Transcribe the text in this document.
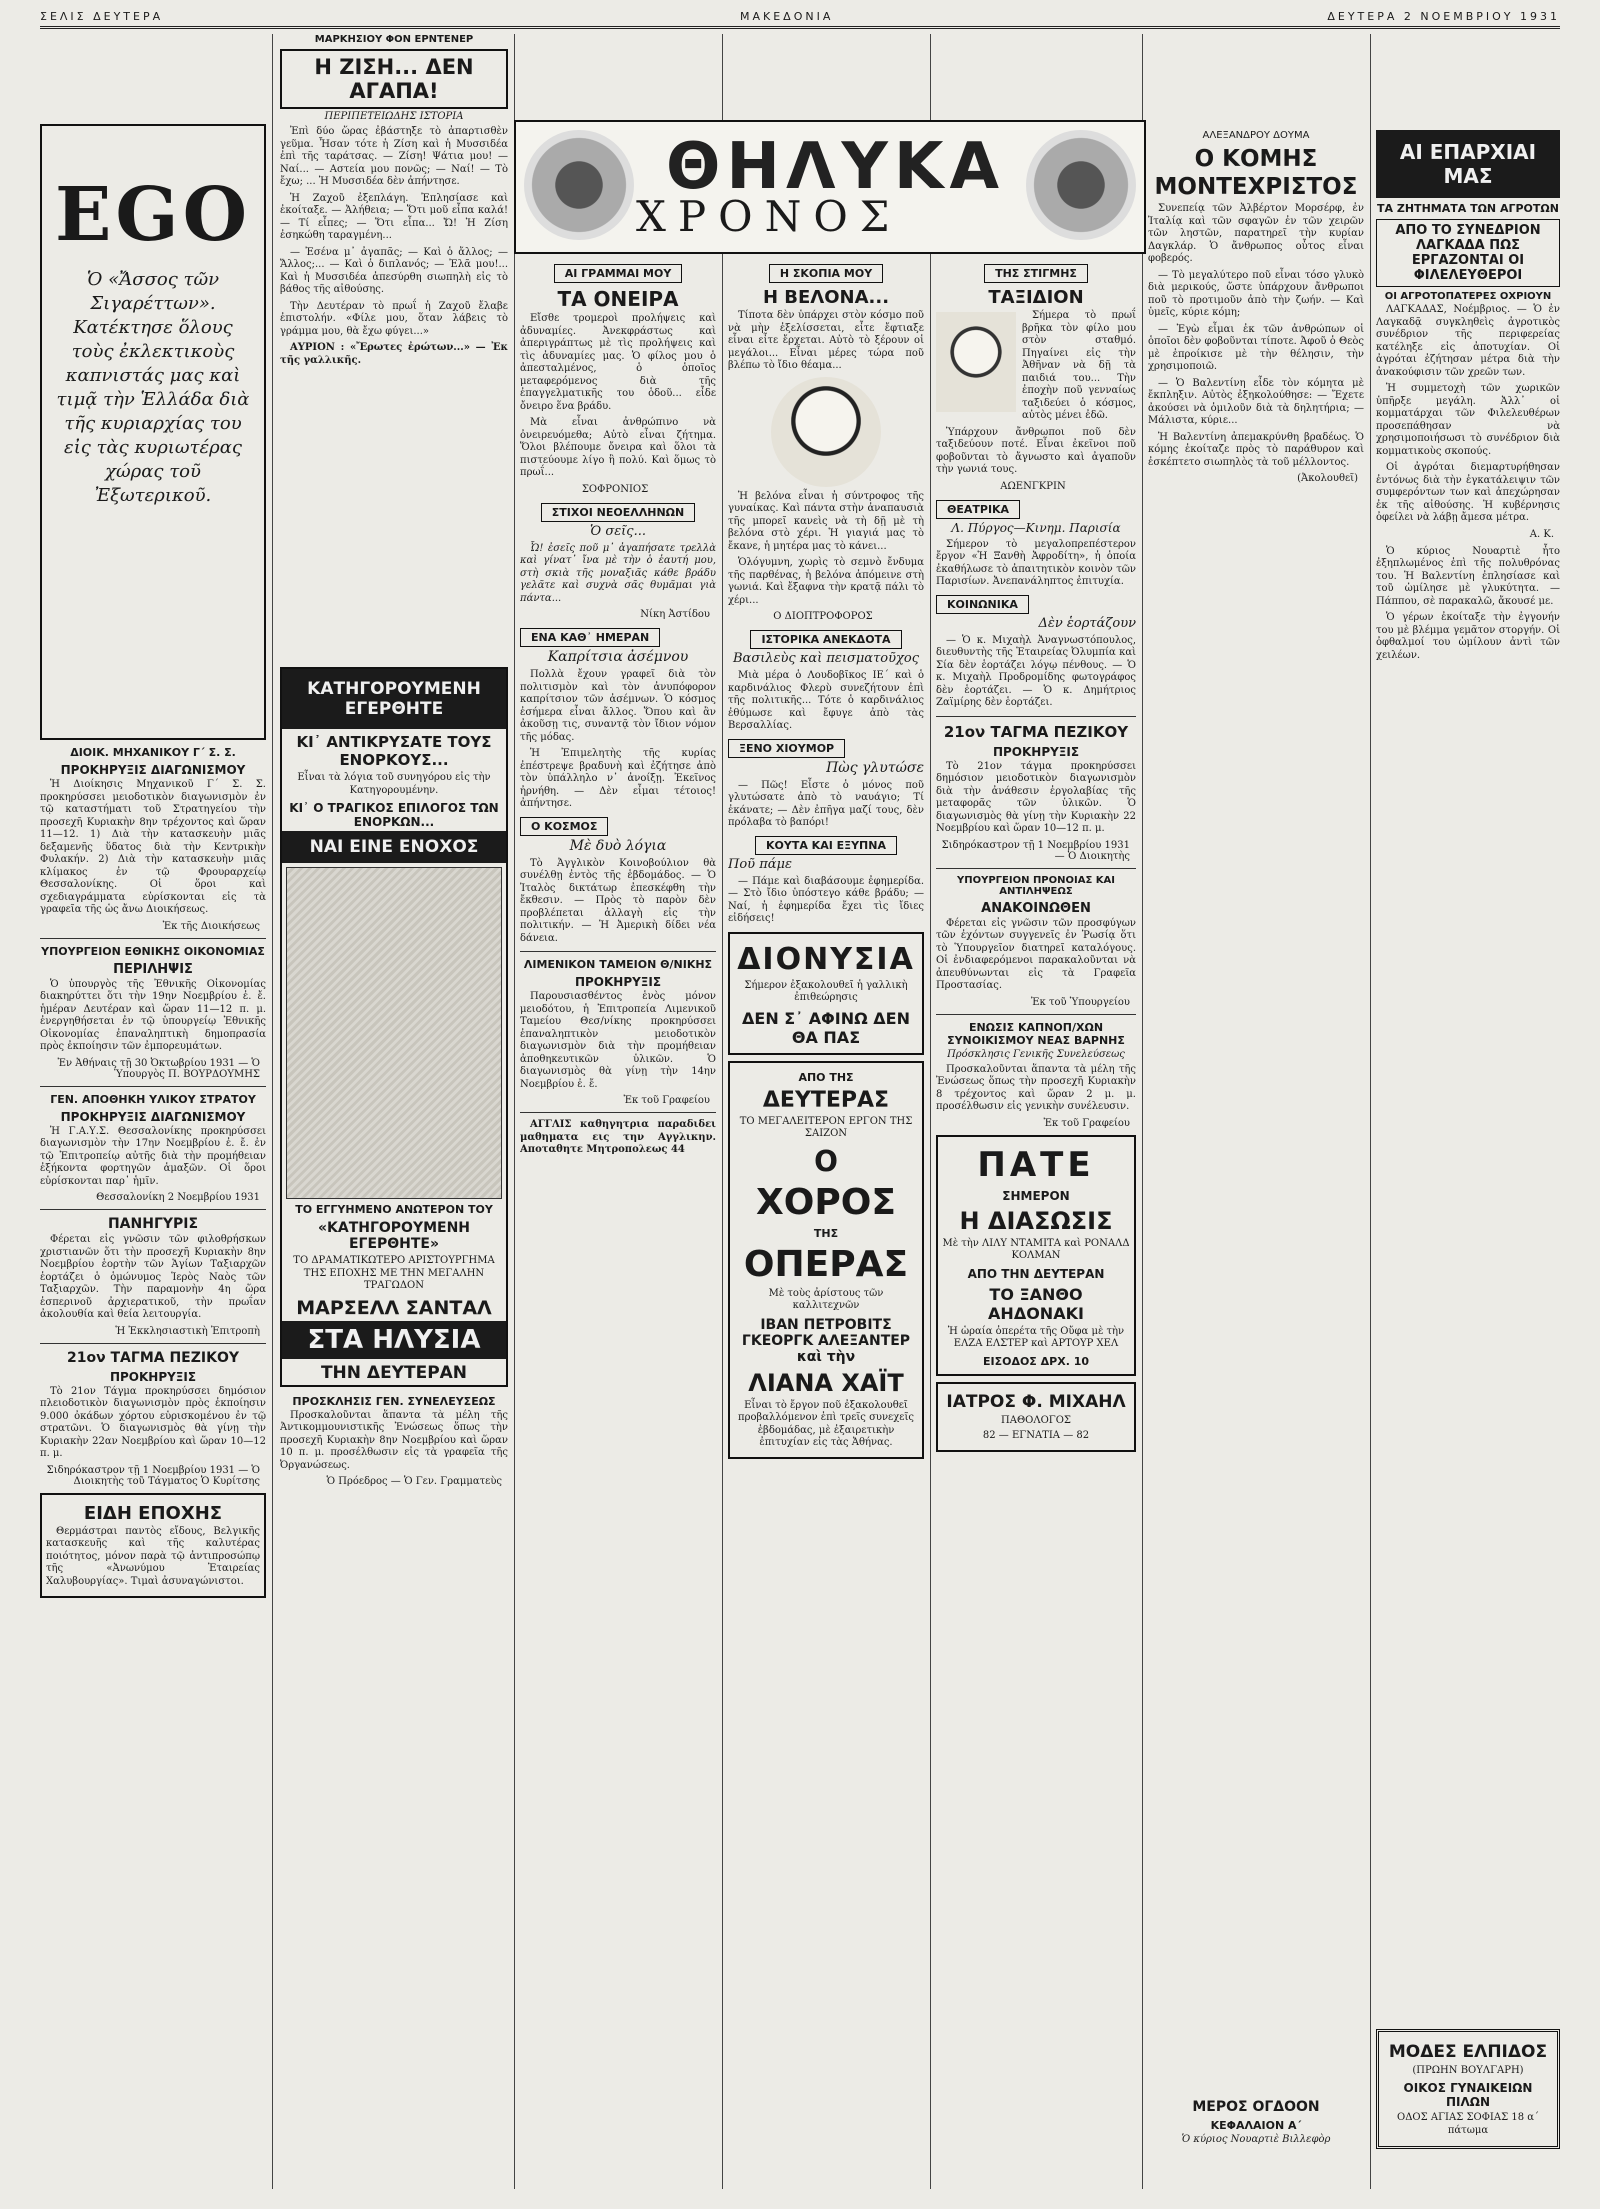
ΣΕΛΙΣ ΔΕΥΤΕΡΑ	ΜΑΚΕΔΟΝΙΑ	ΔΕΥΤΕΡΑ 2 ΝΟΕΜΒΡΙΟΥ 1931
EGO
Ὁ «Ἄσσος τῶν Σιγαρέττων». Κατέκτησε ὅλους τοὺς ἐκλεκτικοὺς καπνιστάς μας καὶ τιμᾷ τὴν Ἑλλάδα διὰ τῆς κυριαρχίας του εἰς τὰς κυριωτέρας χώρας τοῦ Ἐξωτερικοῦ.
ΔΙΟΙΚ. ΜΗΧΑΝΙΚΟΥ Γ΄ Σ. Σ.
ΠΡΟΚΗΡΥΞΙΣ ΔΙΑΓΩΝΙΣΜΟΥ
Ἡ Διοίκησις Μηχανικοῦ Γ΄ Σ. Σ. προκηρύσσει μειοδοτικὸν διαγωνισμὸν ἐν τῷ καταστήματι τοῦ Στρατηγείου τὴν προσεχῆ Κυριακὴν 8ην τρέχοντος καὶ ὥραν 11—12. 1) Διὰ τὴν κατασκευὴν μιᾶς δεξαμενῆς ὕδατος διὰ τὴν Κεντρικὴν Φυλακήν. 2) Διὰ τὴν κατασκευὴν μιᾶς κλίμακος ἐν τῷ Φρουραρχείῳ Θεσσαλονίκης. Οἱ ὅροι καὶ σχεδιαγράμματα εὑρίσκονται εἰς τὰ γραφεῖα τῆς ὡς ἄνω Διοικήσεως.
Ἐκ τῆς Διοικήσεως
ΥΠΟΥΡΓΕΙΟΝ ΕΘΝΙΚΗΣ ΟΙΚΟΝΟΜΙΑΣ
ΠΕΡΙΛΗΨΙΣ
Ὁ ὑπουργὸς τῆς Ἐθνικῆς Οἰκονομίας διακηρύττει ὅτι τὴν 19ην Νοεμβρίου ἐ. ἔ. ἡμέραν Δευτέραν καὶ ὥραν 11—12 π. μ. ἐνεργηθήσεται ἐν τῷ ὑπουργείῳ Ἐθνικῆς Οἰκονομίας ἐπαναληπτικὴ δημοπρασία πρὸς ἐκποίησιν τῶν ἐμπορευμάτων.
Ἐν Ἀθήναις τῇ 30 Ὀκτωβρίου 1931 — Ὁ Ὑπουργὸς Π. ΒΟΥΡΔΟΥΜΗΣ
ΓΕΝ. ΑΠΟΘΗΚΗ ΥΛΙΚΟΥ ΣΤΡΑΤΟΥ
ΠΡΟΚΗΡΥΞΙΣ ΔΙΑΓΩΝΙΣΜΟΥ
Ἡ Γ.Α.Υ.Σ. Θεσσαλονίκης προκηρύσσει διαγωνισμὸν τὴν 17ην Νοεμβρίου ἐ. ἔ. ἐν τῷ Ἐπιτροπείῳ αὐτῆς διὰ τὴν προμήθειαν ἐξήκοντα φορτηγῶν ἁμαξῶν. Οἱ ὅροι εὑρίσκονται παρ᾽ ἡμῖν.
Θεσσαλονίκη 2 Νοεμβρίου 1931
ΠΑΝΗΓΥΡΙΣ
Φέρεται εἰς γνῶσιν τῶν φιλοθρήσκων χριστιανῶν ὅτι τὴν προσεχῆ Κυριακὴν 8ην Νοεμβρίου ἑορτὴν τῶν Ἁγίων Ταξιαρχῶν ἑορτάζει ὁ ὁμώνυμος Ἱερὸς Ναὸς τῶν Ταξιαρχῶν. Τὴν παραμονὴν 4η ὥρα ἑσπερινοῦ ἀρχιερατικοῦ, τὴν πρωΐαν ἀκολουθία καὶ θεία λειτουργία.
Ἡ Ἐκκλησιαστικὴ Ἐπιτροπὴ
21ον ΤΑΓΜΑ ΠΕΖΙΚΟΥ
ΠΡΟΚΗΡΥΞΙΣ
Τὸ 21ον Τάγμα προκηρύσσει δημόσιον πλειοδοτικὸν διαγωνισμὸν πρὸς ἐκποίησιν 9.000 ὀκάδων χόρτου εὑρισκομένου ἐν τῷ στρατῶνι. Ὁ διαγωνισμὸς θὰ γίνῃ τὴν Κυριακὴν 22αν Νοεμβρίου καὶ ὥραν 10—12 π. μ.
Σιδηρόκαστρον τῇ 1 Νοεμβρίου 1931 — Ὁ Διοικητὴς τοῦ Τάγματος Ὁ Κυρίτσης
ΕΙΔΗ ΕΠΟΧΗΣ
Θερμάστραι παντὸς εἴδους, Βελγικῆς κατασκευῆς καὶ τῆς καλυτέρας ποιότητος, μόνον παρὰ τῷ ἀντιπροσώπῳ τῆς «Ἀνωνύμου Ἑταιρείας Χαλυβουργίας». Τιμαὶ ἀσυναγώνιστοι.
ΜΑΡΚΗΣΙΟΥ ΦΟΝ ΕΡΝΤΕΝΕΡ
Η ΖΙΣΗ... ΔΕΝ ΑΓΑΠΑ!
ΠΕΡΙΠΕΤΕΙΩΔΗΣ ΙΣΤΟΡΙΑ
Ἐπὶ δύο ὥρας ἐβάστηξε τὸ ἀπαρτισθὲν γεῦμα. Ἦσαν τότε ἡ Ζίση καὶ ἡ Μυσσιδέα ἐπὶ τῆς ταράτσας. — Ζίση! Ψάτια μου! — Ναί... — Αστεία μου πονῶς; — Ναί! — Τὸ ἔχω; ... Ἡ Μυσσιδέα δὲν ἀπήντησε.
Ἡ Ζαχοῦ ἐξεπλάγη. Ἐπλησίασε καὶ ἐκοίταξε. — Ἀλήθεια; — Ὅτι μοῦ εἶπα καλά! — Τί εἶπες; — Ὅτι εἶπα... Ὤ! Ἡ Ζίση ἐσηκώθη ταραγμένη...
— Ἐσένα μ᾽ ἀγαπᾶς; — Καὶ ὁ ἄλλος; — Ἄλλος;... — Καὶ ὁ διπλανός; — Ἐλᾶ μου!... Καὶ ἡ Μυσσιδέα ἀπεσύρθη σιωπηλὴ εἰς τὸ βάθος τῆς αἰθούσης.
Τὴν Δευτέραν τὸ πρωΐ ἡ Ζαχοῦ ἔλαβε ἐπιστολήν. «Φίλε μου, ὅταν λάβεις τὸ γράμμα μου, θὰ ἔχω φύγει...»
ΑΥΡΙΟΝ : «Ἔρωτες ἐρώτων...» — Ἐκ τῆς γαλλικῆς.
ΚΑΤΗΓΟΡΟΥΜΕΝΗ ΕΓΕΡΘΗΤΕ
ΚΙ᾽ ΑΝΤΙΚΡΥΣΑΤΕ ΤΟΥΣ ΕΝΟΡΚΟΥΣ...
Εἶναι τὰ λόγια τοῦ συνηγόρου εἰς τὴν Κατηγορουμένην.
ΚΙ᾽ Ο ΤΡΑΓΙΚΟΣ ΕΠΙΛΟΓΟΣ ΤΩΝ ΕΝΟΡΚΩΝ...
ΝΑΙ ΕΙΝΕ ΕΝΟΧΟΣ
ΤΟ ΕΓΓΥΗΜΕΝΟ ΑΝΩΤΕΡΟΝ ΤΟΥ
«ΚΑΤΗΓΟΡΟΥΜΕΝΗ ΕΓΕΡΘΗΤΕ»
ΤΟ ΔΡΑΜΑΤΙΚΩΤΕΡΟ ΑΡΙΣΤΟΥΡΓΗΜΑ ΤΗΣ ΕΠΟΧΗΣ ΜΕ ΤΗΝ ΜΕΓΑΛΗΝ ΤΡΑΓΩΔΟΝ
ΜΑΡΣΕΛΛ ΣΑΝΤΑΛ
ΣΤΑ ΗΛΥΣΙΑ
ΤΗΝ ΔΕΥΤΕΡΑΝ
ΠΡΟΣΚΛΗΣΙΣ ΓΕΝ. ΣΥΝΕΛΕΥΣΕΩΣ
Προσκαλοῦνται ἅπαντα τὰ μέλη τῆς Ἀντικομμουνιστικῆς Ἐνώσεως ὅπως τὴν προσεχῆ Κυριακὴν 8ην Νοεμβρίου καὶ ὥραν 10 π. μ. προσέλθωσιν εἰς τὰ γραφεῖα τῆς Ὀργανώσεως.
Ὁ Πρόεδρος — Ὁ Γεν. Γραμματεὺς
ΘΗΛΥΚΑ
ΧΡΟΝΟΣ
ΑΙ ΓΡΑΜΜΑΙ ΜΟΥ
ΤΑ ΟΝΕΙΡΑ
Εἴσθε τρομεροὶ προλήψεις καὶ ἀδυναμίες. Ἀνεκφράστως καὶ ἀπεριγράπτως μὲ τὶς προλήψεις καὶ τὶς ἀδυναμίες μας. Ὁ φίλος μου ὁ ἀπεσταλμένος, ὁ ὁποῖος μεταφερόμενος διὰ τῆς ἐπαγγελματικῆς του ὁδοῦ... εἶδε ὄνειρο ἕνα βράδυ.
Μὰ εἶναι ἀνθρώπινο νὰ ὀνειρευόμεθα; Αὐτὸ εἶναι ζήτημα. Ὅλοι βλέπουμε ὄνειρα καὶ ὅλοι τὰ πιστεύουμε λίγο ἢ πολύ. Καὶ ὅμως τὸ πρωΐ...
ΣΟΦΡΟΝΙΟΣ
ΣΤΙΧΟΙ ΝΕΟΕΛΛΗΝΩΝ
Ὁ σεῖς...
Ὦ! ἐσεῖς ποῦ μ᾽ ἀγαπήσατε τρελλὰ καὶ γίνατ᾽ ἴνα μὲ τὴν ὁ ἑαυτή μου, στὴ σκιὰ τῆς μοναξιᾶς κάθε βράδυ γελᾶτε καὶ συχνὰ σᾶς θυμᾶμαι γιὰ πάντα...
Νίκη Ἀστίδου
ΕΝΑ ΚΑΘ᾽ ΗΜΕΡΑΝ
Καπρίτσια ἀσέμνου
Πολλὰ ἔχουν γραφεῖ διὰ τὸν πολιτισμὸν καὶ τὸν ἀνυπόφορον καπρίτσιον τῶν ἀσέμνων. Ὁ κόσμος ἐσήμερα εἶναι ἄλλος. Ὅπου καὶ ἂν ἀκοῦσῃ τις, συναντᾷ τὸν ἴδιον νόμον τῆς μόδας.
Ἡ Ἐπιμελητὴς τῆς κυρίας ἐπέστρεψε βραδυνὴ καὶ ἐζήτησε ἀπὸ τὸν ὑπάλληλο ν᾽ ἀνοίξῃ. Ἐκεῖνος ἠρνήθη. — Δὲν εἶμαι τέτοιος! ἀπήντησε.
Ο ΚΟΣΜΟΣ
Μὲ δυὸ λόγια
Τὸ Ἀγγλικὸν Κοινοβούλιον θὰ συνέλθῃ ἐντὸς τῆς ἑβδομάδος. — Ὁ Ἰταλὸς δικτάτωρ ἐπεσκέφθη τὴν ἔκθεσιν. — Πρὸς τὸ παρὸν δὲν προβλέπεται ἀλλαγὴ εἰς τὴν πολιτικήν. — Ἡ Ἀμερικὴ δίδει νέα δάνεια.
ΛΙΜΕΝΙΚΟΝ ΤΑΜΕΙΟΝ Θ/ΝΙΚΗΣ
ΠΡΟΚΗΡΥΞΙΣ
Παρουσιασθέντος ἑνὸς μόνον μειοδότου, ἡ Ἐπιτροπεία Λιμενικοῦ Ταμείου Θεσ/νίκης προκηρύσσει ἐπαναληπτικὸν μειοδοτικὸν διαγωνισμὸν διὰ τὴν προμήθειαν ἀποθηκευτικῶν ὑλικῶν. Ὁ διαγωνισμὸς θὰ γίνῃ τὴν 14ην Νοεμβρίου ἐ. ἔ.
Ἐκ τοῦ Γραφείου
ΑΓΓΛΙΣ καθηγητρια παραδιδει μαθηματα εις την Αγγλικην. Αποταθητε Μητροπολεως 44
Η ΣΚΟΠΙΑ ΜΟΥ
Η ΒΕΛΟΝΑ...
Τίποτα δὲν ὑπάρχει στὸν κόσμο ποῦ νὰ μὴν ἐξελίσσεται, εἶτε ἔφτιαξε εἶναι εἶτε ἔρχεται. Αὐτὸ τὸ ξέρουν οἱ μεγάλοι... Εἶναι μέρες τώρα ποῦ βλέπω τὸ ἴδιο θέαμα...
Ἡ βελόνα εἶναι ἡ σύντροφος τῆς γυναίκας. Καὶ πάντα στὴν ἀναπαυσιὰ τῆς μπορεῖ κανεὶς νὰ τὴ δῇ μὲ τὴ βελόνα στὸ χέρι. Ἡ γιαγιά μας τὸ ἔκανε, ἡ μητέρα μας τὸ κάνει...
Ὁλόγυμνη, χωρὶς τὸ σεμνὸ ἔνδυμα τῆς παρθένας, ἡ βελόνα ἀπόμεινε στὴ γωνιά. Καὶ ἔξαφνα τὴν κρατᾷ πάλι τὸ χέρι...
Ο ΔΙΟΠΤΡΟΦΟΡΟΣ
ΙΣΤΟΡΙΚΑ ΑΝΕΚΔΟΤΑ
Βασιλεὺς καὶ πεισματοῦχος
Μιὰ μέρα ὁ Λουδοβῖκος ΙΕ΄ καὶ ὁ καρδινάλιος Φλερὺ συνεζήτουν ἐπὶ τῆς πολιτικῆς... Τότε ὁ καρδινάλιος ἐθύμωσε καὶ ἔφυγε ἀπὸ τὰς Βερσαλλίας.
ΞΕΝΟ ΧΙΟΥΜΟΡ
Πὼς γλυτώσε
— Πῶς! Εἶστε ὁ μόνος ποῦ γλυτώσατε ἀπὸ τὸ ναυάγιο; Τί ἐκάνατε; — Δὲν ἐπῆγα μαζί τους, δὲν πρόλαβα τὸ βαπόρι!
ΚΟΥΤΑ ΚΑΙ ΕΞΥΠΝΑ
Ποῦ πάμε
— Πάμε καὶ διαβάσουμε ἐφημερίδα. — Στὸ ἴδιο ὑπόστεγο κάθε βράδυ; — Ναί, ἡ ἐφημερίδα ἔχει τὶς ἴδιες εἰδήσεις!
ΔΙΟΝΥΣΙΑ
Σήμερον ἐξακολουθεῖ ἡ γαλλικὴ ἐπιθεώρησις
ΔΕΝ Σ᾽ ΑΦΙΝΩ ΔΕΝ ΘΑ ΠΑΣ
ΑΠΟ ΤΗΣ
ΔΕΥΤΕΡΑΣ
ΤΟ ΜΕΓΑΛΕΙΤΕΡΟΝ ΕΡΓΟΝ ΤΗΣ ΣΑΙΖΟΝ
Ο
ΧΟΡΟΣ
ΤΗΣ
ΟΠΕΡΑΣ
Μὲ τοὺς ἀρίστους τῶν καλλιτεχνῶν
ΙΒΑΝ ΠΕΤΡΟΒΙΤΣ ΓΚΕΟΡΓΚ ΑΛΕΞΑΝΤΕΡ καὶ τὴν
ΛΙΑΝΑ ΧΑΪΤ
Εἶναι τὸ ἔργον ποῦ ἐξακολουθεῖ προβαλλόμενον ἐπὶ τρεῖς συνεχεῖς ἑβδομάδας, μὲ ἐξαιρετικὴν ἐπιτυχίαν εἰς τὰς Ἀθήνας.
ΤΗΣ ΣΤΙΓΜΗΣ
ΤΑΞΙΔΙΟΝ
Σήμερα τὸ πρωΐ βρῆκα τὸν φίλο μου στὸν σταθμό. Πηγαίνει εἰς τὴν Ἀθῆναν νὰ δῇ τὰ παιδιά του... Τὴν ἐποχὴν ποῦ γενναίως ταξιδεύει ὁ κόσμος, αὐτὸς μένει ἐδῶ.
Ὑπάρχουν ἄνθρωποι ποῦ δὲν ταξιδεύουν ποτέ. Εἶναι ἐκεῖνοι ποῦ φοβοῦνται τὸ ἄγνωστο καὶ ἀγαποῦν τὴν γωνιά τους.
ΑΩΕΝΓΚΡΙΝ
ΘΕΑΤΡΙΚΑ
Λ. Πύργος—Κινημ. Παρισία
Σήμερον τὸ μεγαλοπρεπέστερον ἔργον «Ἡ Ξανθὴ Ἀφροδίτη», ἡ ὁποία ἐκαθήλωσε τὸ ἀπαιτητικὸν κοινὸν τῶν Παρισίων. Ἀνεπανάληπτος ἐπιτυχία.
ΚΟΙΝΩΝΙΚΑ
Δὲν ἑορτάζουν
— Ὁ κ. Μιχαὴλ Ἀναγνωστόπουλος, διευθυντὴς τῆς Ἑταιρείας Ὀλυμπία καὶ Σία δὲν ἑορτάζει λόγῳ πένθους. — Ὁ κ. Μιχαὴλ Προδρομίδης φωτογράφος δὲν ἑορτάζει. — Ὁ κ. Δημήτριος Ζαϊμίρης δὲν ἑορτάζει.
21ον ΤΑΓΜΑ ΠΕΖΙΚΟΥ
ΠΡΟΚΗΡΥΞΙΣ
Τὸ 21ον τάγμα προκηρύσσει δημόσιον μειοδοτικὸν διαγωνισμὸν διὰ τὴν ἀνάθεσιν ἐργολαβίας τῆς μεταφορᾶς τῶν ὑλικῶν. Ὁ διαγωνισμὸς θὰ γίνῃ τὴν Κυριακὴν 22 Νοεμβρίου καὶ ὥραν 10—12 π. μ.
Σιδηρόκαστρον τῇ 1 Νοεμβρίου 1931 — Ὁ Διοικητὴς
ΥΠΟΥΡΓΕΙΟΝ ΠΡΟΝΟΙΑΣ ΚΑΙ ΑΝΤΙΛΗΨΕΩΣ
ΑΝΑΚΟΙΝΩΘΕΝ
Φέρεται εἰς γνῶσιν τῶν προσφύγων τῶν ἐχόντων συγγενεῖς ἐν Ῥωσίᾳ ὅτι τὸ Ὑπουργεῖον διατηρεῖ καταλόγους. Οἱ ἐνδιαφερόμενοι παρακαλοῦνται νὰ ἀπευθύνωνται εἰς τὰ Γραφεῖα Προστασίας.
Ἐκ τοῦ Ὑπουργείου
ΕΝΩΣΙΣ ΚΑΠΝΟΠ/ΧΩΝ ΣΥΝΟΙΚΙΣΜΟΥ ΝΕΑΣ ΒΑΡΝΗΣ
Πρόσκλησις Γενικῆς Συνελεύσεως
Προσκαλοῦνται ἅπαντα τὰ μέλη τῆς Ἐνώσεως ὅπως τὴν προσεχῆ Κυριακὴν 8 τρέχοντος καὶ ὥραν 2 μ. μ. προσέλθωσιν εἰς γενικὴν συνέλευσιν.
Ἐκ τοῦ Γραφείου
ΠΑΤΕ
ΣΗΜΕΡΟΝ
Η ΔΙΑΣΩΣΙΣ
Μὲ τὴν ΛΙΛΥ ΝΤΑΜΙΤΑ καὶ ΡΟΝΑΛΔ ΚΟΛΜΑΝ
ΑΠΟ ΤΗΝ ΔΕΥΤΕΡΑΝ
ΤΟ ΞΑΝΘΟ ΑΗΔΟΝΑΚΙ
Ἡ ὡραία ὀπερέτα τῆς Οὔφα μὲ τὴν ΕΛΖΑ ΕΛΣΤΕΡ καὶ ΑΡΤΟΥΡ ΧΕΛ
ΕΙΣΟΔΟΣ ΔΡΧ. 10
ΙΑΤΡΟΣ Φ. ΜΙΧΑΗΛ
ΠΑΘΟΛΟΓΟΣ
82 — ΕΓΝΑΤΙΑ — 82
ΑΛΕΞΑΝΔΡΟΥ ΔΟΥΜΑ
Ο ΚΟΜΗΣ ΜΟΝΤΕΧΡΙΣΤΟΣ
Συνεπείᾳ τῶν Ἀλβέρτον Μορσέρφ, ἐν Ἰταλίᾳ καὶ τῶν σφαγῶν ἐν τῶν χειρῶν τῶν ληστῶν, παρατηρεῖ τὴν κυρίαν Δαγκλάρ. Ὁ ἄνθρωπος οὗτος εἶναι φοβερός.
— Τὸ μεγαλύτερο ποῦ εἶναι τόσο γλυκὸ διὰ μερικούς, ὥστε ὑπάρχουν ἄνθρωποι ποῦ τὸ προτιμοῦν ἀπὸ τὴν ζωήν. — Καὶ ὑμεῖς, κύριε κόμη;
— Ἐγὼ εἶμαι ἐκ τῶν ἀνθρώπων οἱ ὁποῖοι δὲν φοβοῦνται τίποτε. Ἀφοῦ ὁ Θεὸς μὲ ἐπροίκισε μὲ τὴν θέλησιν, τὴν χρησιμοποιῶ.
— Ὁ Βαλεντίνη εἶδε τὸν κόμητα μὲ ἔκπληξιν. Αὐτὸς ἐξηκολούθησε: — Ἔχετε ἀκούσει νὰ ὁμιλοῦν διὰ τὰ δηλητήρια; — Μάλιστα, κύριε...
Ἡ Βαλεντίνη ἀπεμακρύνθη βραδέως. Ὁ κόμης ἐκοίταζε πρὸς τὸ παράθυρον καὶ ἐσκέπτετο σιωπηλὸς τὰ τοῦ μέλλοντος.
(Ἀκολουθεῖ)
ΜΕΡΟΣ ΟΓΔΟΟΝ
ΚΕΦΑΛΑΙΟΝ Α΄
Ὁ κύριος Νουαρτιὲ Βιλλεφὸρ
ΑΙ ΕΠΑΡΧΙΑΙ ΜΑΣ
ΤΑ ΖΗΤΗΜΑΤΑ ΤΩΝ ΑΓΡΟΤΩΝ
ΑΠΟ ΤΟ ΣΥΝΕΔΡΙΟΝ ΛΑΓΚΑΔΑ ΠΩΣ ΕΡΓΑΖΟΝΤΑΙ ΟΙ ΦΙΛΕΛΕΥΘΕΡΟΙ
ΟΙ ΑΓΡΟΤΟΠΑΤΕΡΕΣ ΟΧΡΙΟΥΝ
ΛΑΓΚΑΔΑΣ, Νοέμβριος. — Ὁ ἐν Λαγκαδᾷ συγκληθεὶς ἀγροτικὸς συνέδριον τῆς περιφερείας κατέληξε εἰς ἀποτυχίαν. Οἱ ἀγρόται ἐζήτησαν μέτρα διὰ τὴν ἀνακούφισιν τῶν χρεῶν των.
Ἡ συμμετοχὴ τῶν χωρικῶν ὑπῆρξε μεγάλη. Ἀλλ᾽ οἱ κομματάρχαι τῶν Φιλελευθέρων προσεπάθησαν νὰ χρησιμοποιήσωσι τὸ συνέδριον διὰ κομματικοὺς σκοπούς.
Οἱ ἀγρόται διεμαρτυρήθησαν ἐντόνως διὰ τὴν ἐγκατάλειψιν τῶν συμφερόντων των καὶ ἀπεχώρησαν ἐκ τῆς αἰθούσης. Ἡ κυβέρνησις ὀφείλει νὰ λάβῃ ἄμεσα μέτρα.
Α. Κ.
Ὁ κύριος Νουαρτιὲ ἦτο ἐξηπλωμένος ἐπὶ τῆς πολυθρόνας του. Ἡ Βαλεντίνη ἐπλησίασε καὶ τοῦ ὡμίλησε μὲ γλυκύτητα. — Πάππου, σὲ παρακαλῶ, ἄκουσέ με.
Ὁ γέρων ἐκοίταξε τὴν ἐγγονήν του μὲ βλέμμα γεμᾶτον στοργήν. Οἱ ὀφθαλμοί του ὡμίλουν ἀντὶ τῶν χειλέων.
ΜΟΔΕΣ ΕΛΠΙΔΟΣ
(ΠΡΩΗΝ ΒΟΥΛΓΑΡΗ)
ΟΙΚΟΣ ΓΥΝΑΙΚΕΙΩΝ ΠΙΛΩΝ
ΟΔΟΣ ΑΓΙΑΣ ΣΟΦΙΑΣ 18 α΄ πάτωμα
